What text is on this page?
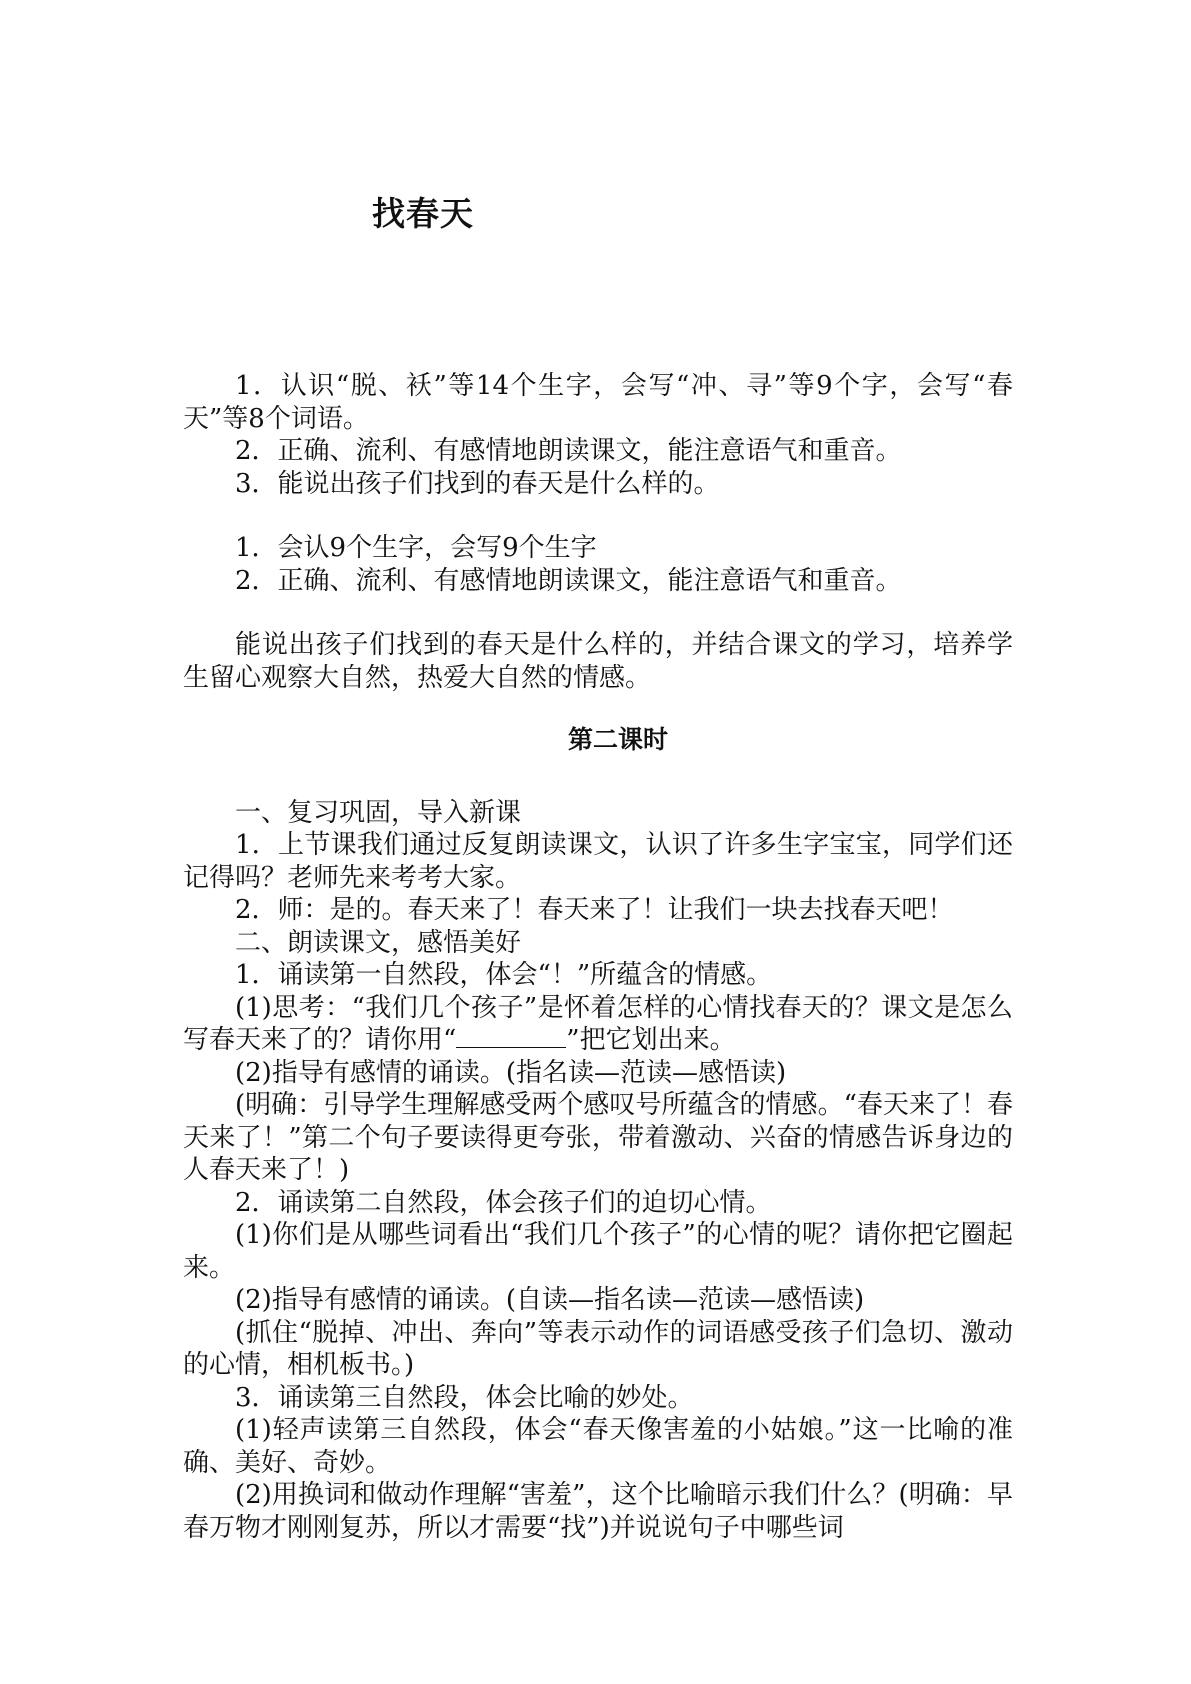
找春天

1．认识“脱、袄”等14个生字，会写“冲、寻”等9个字，会写“春天”等8个词语。

2．正确、流利、有感情地朗读课文，能注意语气和重音。

3．能说出孩子们找到的春天是什么样的。

1．会认9个生字，会写9个生字

2．正确、流利、有感情地朗读课文，能注意语气和重音。

能说出孩子们找到的春天是什么样的，并结合课文的学习，培养学生留心观察大自然，热爱大自然的情感。

第二课时

一、复习巩固，导入新课

1．上节课我们通过反复朗读课文，认识了许多生字宝宝，同学们还记得吗？老师先来考考大家。

2．师：是的。春天来了！春天来了！让我们一块去找春天吧！

二、朗读课文，感悟美好

1．诵读第一自然段，体会“！”所蕴含的情感。

(1)思考：“我们几个孩子”是怀着怎样的心情找春天的？课文是怎么写春天来了的？请你用“	”把它划出来。

(2)指导有感情的诵读。(指名读—范读—感悟读)

(明确：引导学生理解感受两个感叹号所蕴含的情感。“春天来了！春天来了！”第二个句子要读得更夸张，带着激动、兴奋的情感告诉身边的人春天来了！)

2．诵读第二自然段，体会孩子们的迫切心情。

(1)你们是从哪些词看出“我们几个孩子”的心情的呢？请你把它圈起来。

(2)指导有感情的诵读。(自读—指名读—范读—感悟读)

(抓住“脱掉、冲出、奔向”等表示动作的词语感受孩子们急切、激动的心情，相机板书。)

3．诵读第三自然段，体会比喻的妙处。

(1)轻声读第三自然段，体会“春天像害羞的小姑娘。”这一比喻的准确、美好、奇妙。

(2)用换词和做动作理解“害羞”，这个比喻暗示我们什么？(明确：早春万物才刚刚复苏，所以才需要“找”)并说说句子中哪些词
